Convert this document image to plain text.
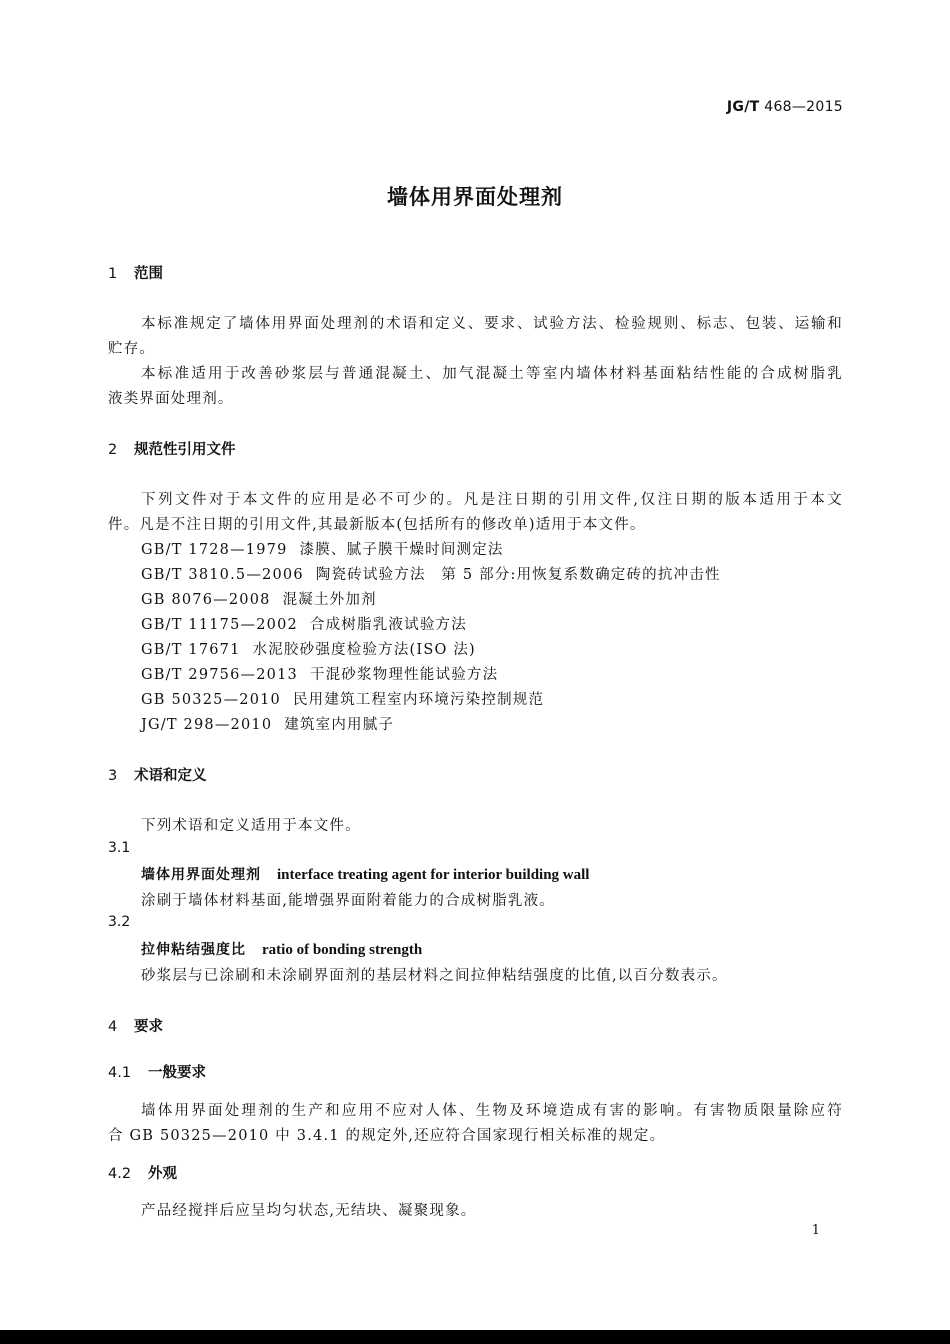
JG/T 468—2015
墙体用界面处理剂
1 范围
本标准规定了墙体用界面处理剂的术语和定义、要求、试验方法、检验规则、标志、包装、运输和
贮存。
本标准适用于改善砂浆层与普通混凝土、加气混凝土等室内墙体材料基面粘结性能的合成树脂乳
液类界面处理剂。
2 规范性引用文件
下列文件对于本文件的应用是必不可少的。凡是注日期的引用文件,仅注日期的版本适用于本文
件。凡是不注日期的引用文件,其最新版本(包括所有的修改单)适用于本文件。
GB/T 1728—1979 漆膜、腻子膜干燥时间测定法
GB/T 3810.5—2006 陶瓷砖试验方法　第 5 部分:用恢复系数确定砖的抗冲击性
GB 8076—2008 混凝土外加剂
GB/T 11175—2002 合成树脂乳液试验方法
GB/T 17671 水泥胶砂强度检验方法(ISO 法)
GB/T 29756—2013 干混砂浆物理性能试验方法
GB 50325—2010 民用建筑工程室内环境污染控制规范
JG/T 298—2010 建筑室内用腻子
3 术语和定义
下列术语和定义适用于本文件。
3.1
墙体用界面处理剂 interface treating agent for interior building wall
涂刷于墙体材料基面,能增强界面附着能力的合成树脂乳液。
3.2
拉伸粘结强度比 ratio of bonding strength
砂浆层与已涂刷和未涂刷界面剂的基层材料之间拉伸粘结强度的比值,以百分数表示。
4 要求
4.1 一般要求
墙体用界面处理剂的生产和应用不应对人体、生物及环境造成有害的影响。有害物质限量除应符
合 GB 50325—2010 中 3.4.1 的规定外,还应符合国家现行相关标准的规定。
4.2 外观
产品经搅拌后应呈均匀状态,无结块、凝聚现象。
1
